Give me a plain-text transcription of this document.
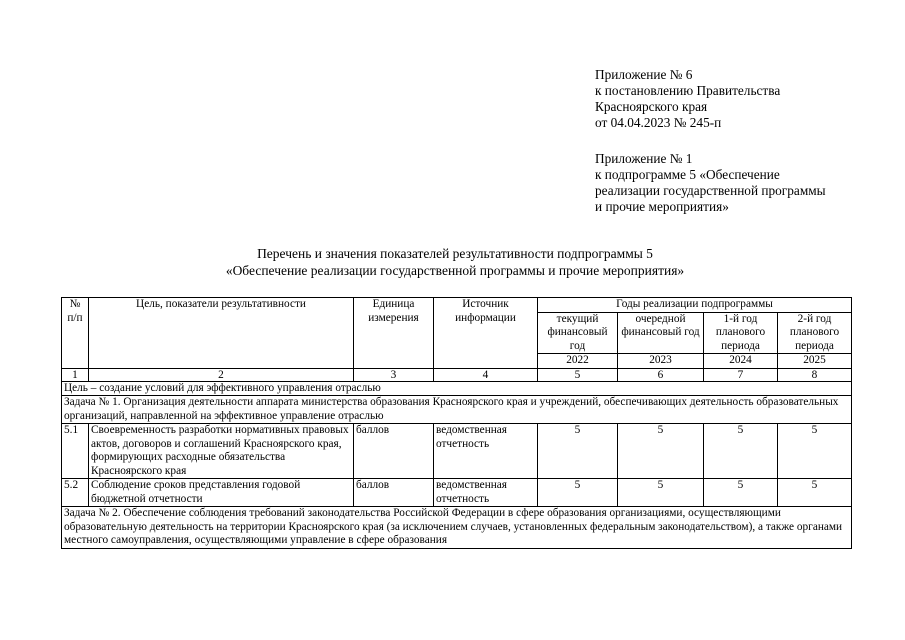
Приложение № 6
к постановлению Правительства
Красноярского края
от 04.04.2023 № 245-п
Приложение № 1
к подпрограмме 5 «Обеспечение
реализации государственной программы
и прочие мероприятия»
Перечень и значения показателей результативности подпрограммы 5
«Обеспечение реализации государственной программы и прочие мероприятия»
№ п/п	Цель, показатели результативности	Единица измерения	Источник информации	Годы реализации подпрограммы			
				текущий финансовый год	очередной финансовый год	1-й год планового периода	2-й год планового периода
				2022	2023	2024	2025
1	2	3	4	5	6	7	8
Цель – создание условий для эффективного управления отраслью							
Задача № 1. Организация деятельности аппарата министерства образования Красноярского края и учреждений, обеспечивающих деятельность образовательных организаций, направленной на эффективное управление отраслью							
5.1	Своевременность разработки нормативных правовых актов, договоров и соглашений Красноярского края, формирующих расходные обязательства Красноярского края	баллов	ведомственная отчетность	5	5	5	5
5.2	Соблюдение сроков представления годовой бюджетной отчетности	баллов	ведомственная отчетность	5	5	5	5
Задача № 2. Обеспечение соблюдения требований законодательства Российской Федерации в сфере образования организациями, осуществляющими образовательную деятельность на территории Красноярского края (за исключением случаев, установленных федеральным законодательством), а также органами местного самоуправления, осуществляющими управление в сфере образования							
